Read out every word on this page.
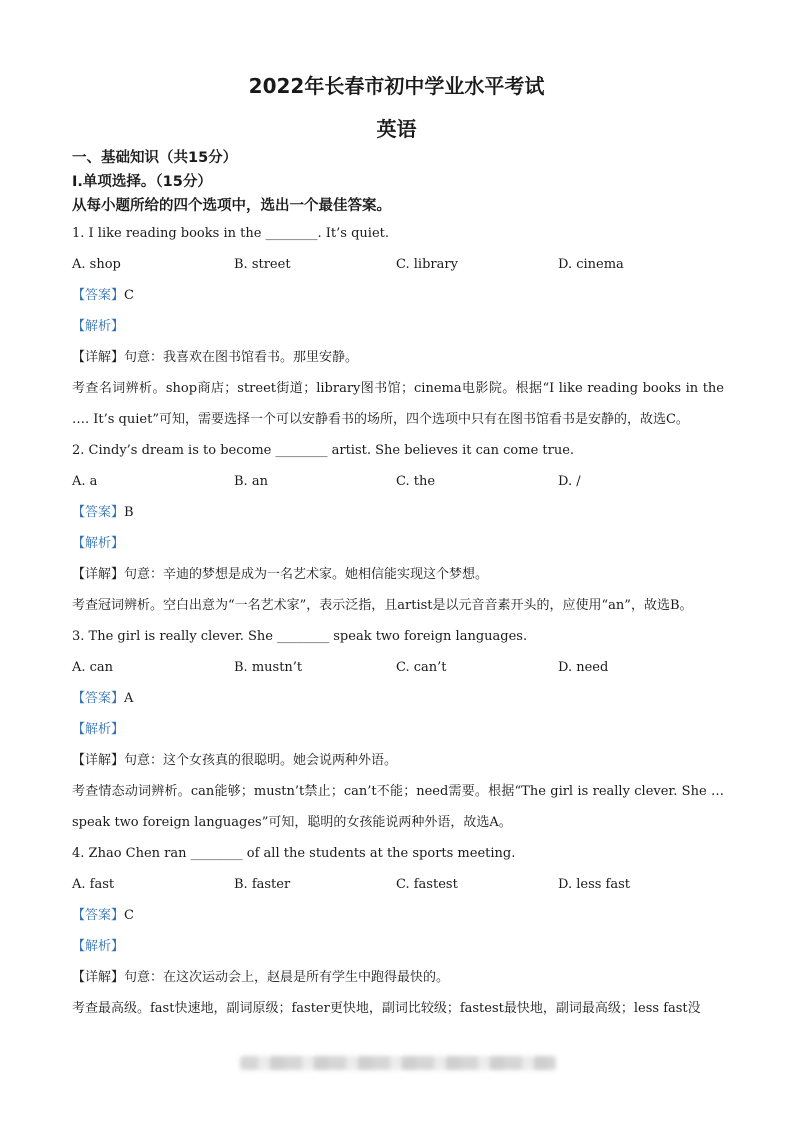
2022年长春市初中学业水平考试
英语
一、基础知识（共15分）
Ⅰ.单项选择。（15分）
从每小题所给的四个选项中，选出一个最佳答案。
1. I like reading books in the ________. It’s quiet.
A. shop	B. street	C. library	D. cinema
【答案】C
【解析】
【详解】句意：我喜欢在图书馆看书。那里安静。
考查名词辨析。shop商店；street街道；library图书馆；cinema电影院。根据“I like reading books in the …. It’s quiet”可知，需要选择一个可以安静看书的场所，四个选项中只有在图书馆看书是安静的，故选C。
2. Cindy’s dream is to become ________ artist. She believes it can come true.
A. a	B. an	C. the	D. /
【答案】B
【解析】
【详解】句意：辛迪的梦想是成为一名艺术家。她相信能实现这个梦想。
考查冠词辨析。空白出意为“一名艺术家”，表示泛指，且artist是以元音音素开头的，应使用“an”，故选B。
3. The girl is really clever. She ________ speak two foreign languages.
A. can	B. mustn’t	C. can’t	D. need
【答案】A
【解析】
【详解】句意：这个女孩真的很聪明。她会说两种外语。
考查情态动词辨析。can能够；mustn’t禁止；can’t不能；need需要。根据“The girl is really clever. She … speak two foreign languages”可知，聪明的女孩能说两种外语，故选A。
4. Zhao Chen ran ________ of all the students at the sports meeting.
A. fast	B. faster	C. fastest	D. less fast
【答案】C
【解析】
【详解】句意：在这次运动会上，赵晨是所有学生中跑得最快的。
考查最高级。fast快速地，副词原级；faster更快地，副词比较级；fastest最快地，副词最高级；less fast没
